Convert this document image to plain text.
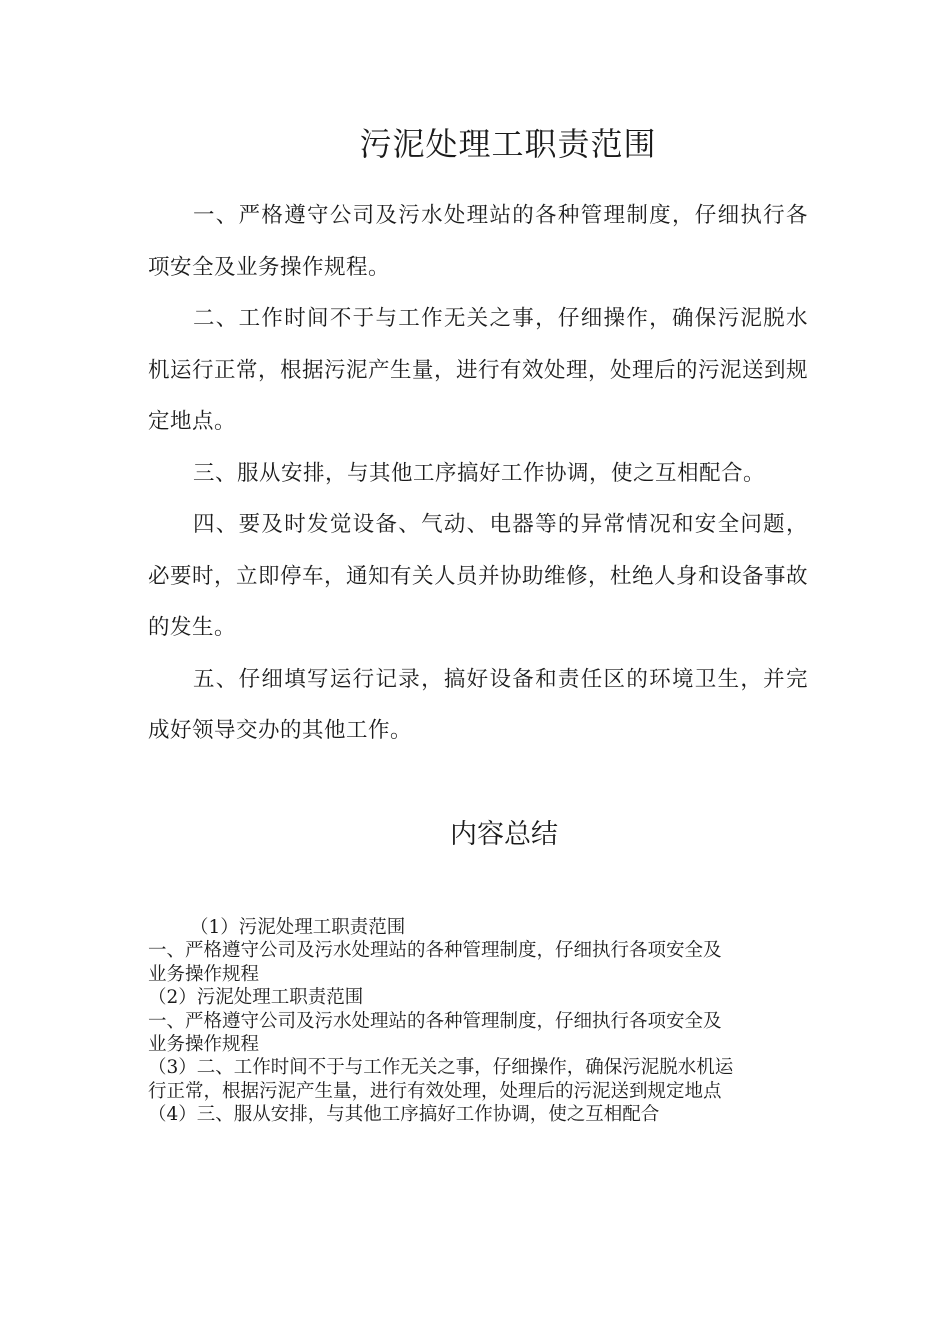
污泥处理工职责范围

一、严格遵守公司及污水处理站的各种管理制度，仔细执行各项安全及业务操作规程。

二、工作时间不于与工作无关之事，仔细操作，确保污泥脱水机运行正常，根据污泥产生量，进行有效处理，处理后的污泥送到规定地点。

三、服从安排，与其他工序搞好工作协调，使之互相配合。

四、要及时发觉设备、气动、电器等的异常情况和安全问题，必要时，立即停车，通知有关人员并协助维修，杜绝人身和设备事故的发生。

五、仔细填写运行记录，搞好设备和责任区的环境卫生，并完成好领导交办的其他工作。

内容总结
（1）污泥处理工职责范围
一、严格遵守公司及污水处理站的各种管理制度，仔细执行各项安全及
业务操作规程
（2）污泥处理工职责范围
一、严格遵守公司及污水处理站的各种管理制度，仔细执行各项安全及
业务操作规程
（3）二、工作时间不于与工作无关之事，仔细操作，确保污泥脱水机运
行正常，根据污泥产生量，进行有效处理，处理后的污泥送到规定地点
（4）三、服从安排，与其他工序搞好工作协调，使之互相配合
